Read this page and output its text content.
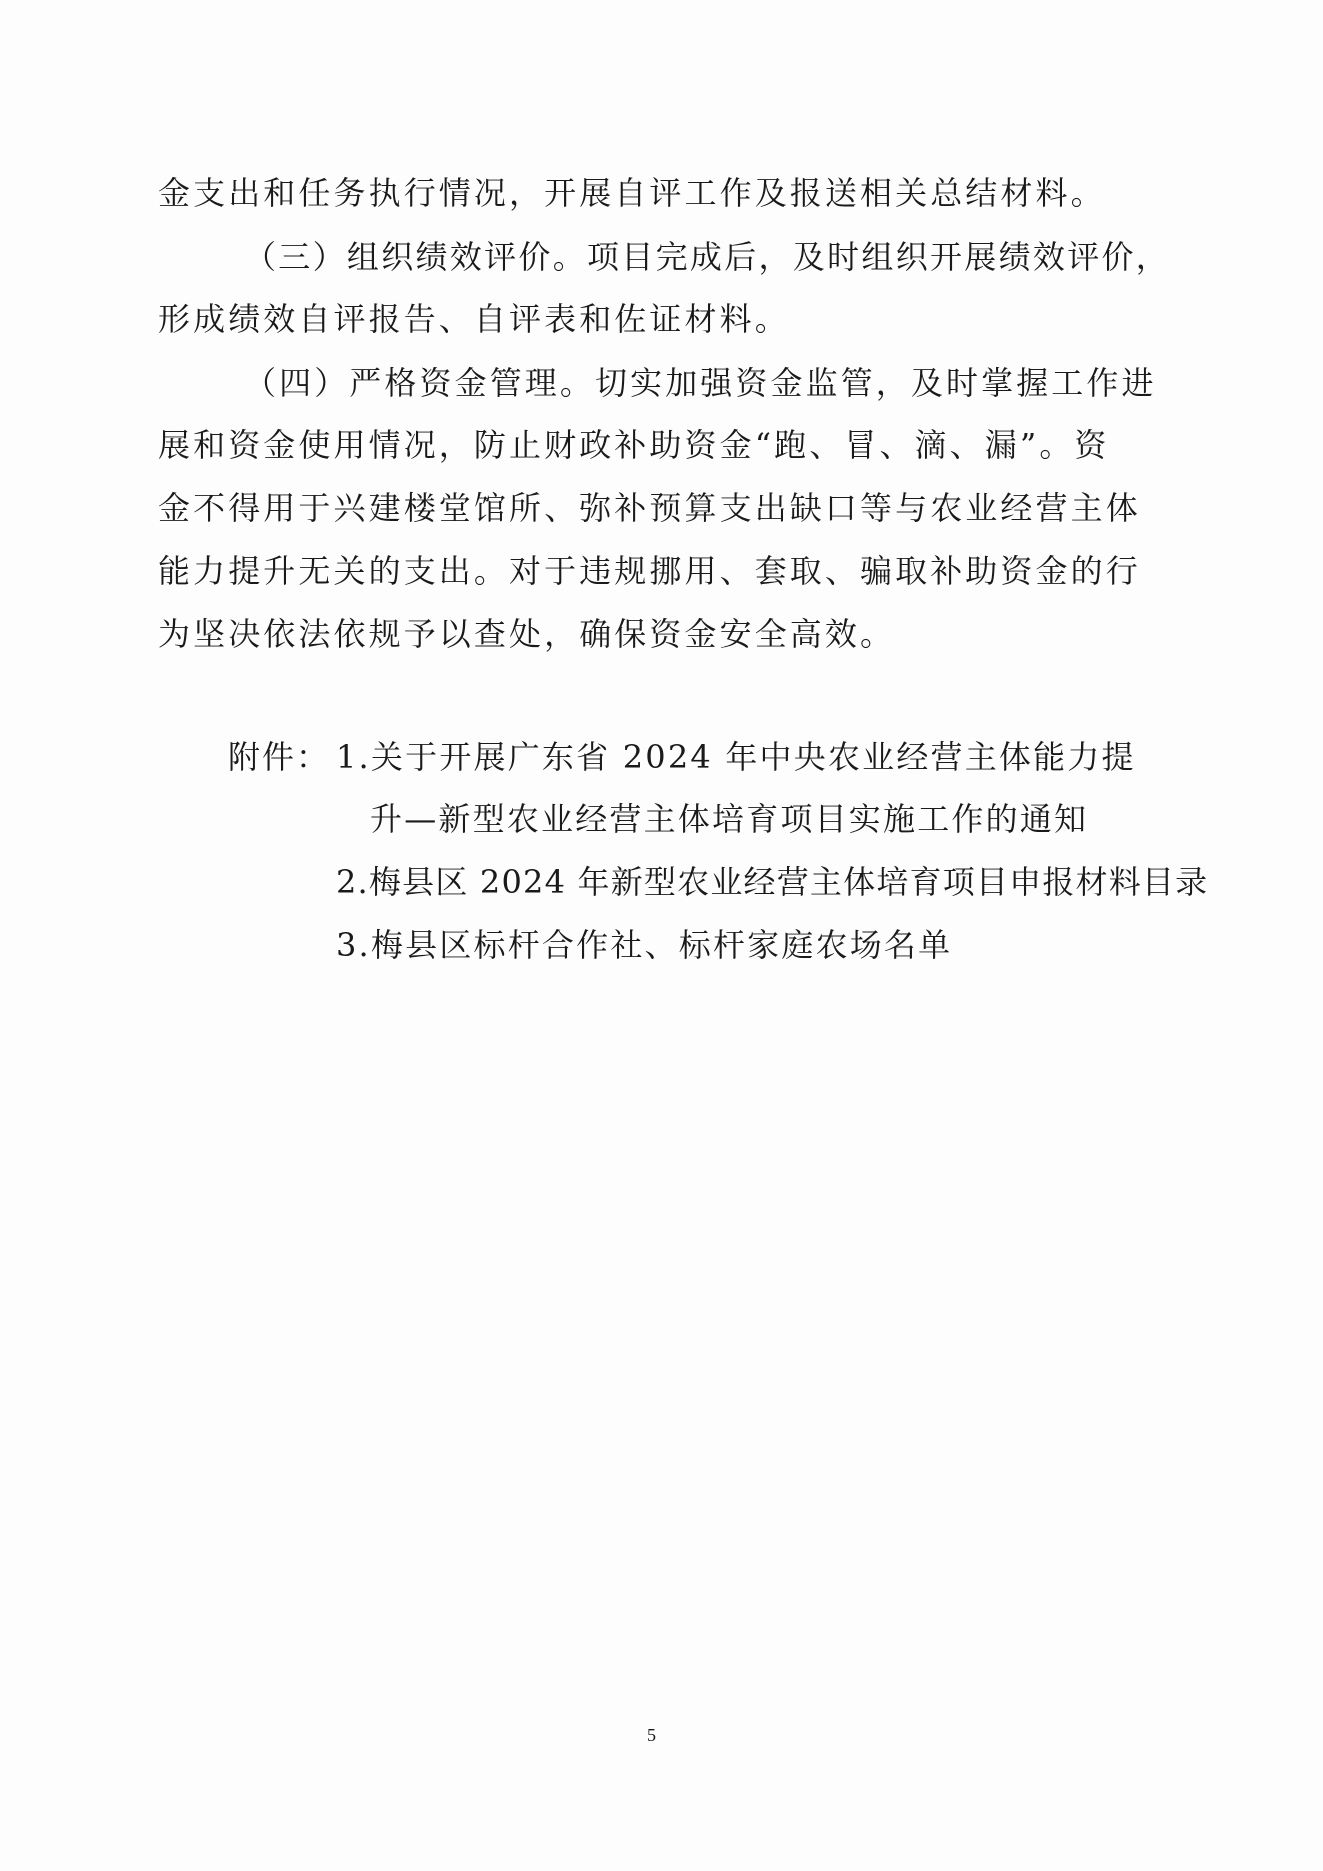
金支出和任务执行情况，开展自评工作及报送相关总结材料。
（三）组织绩效评价。项目完成后，及时组织开展绩效评价，
形成绩效自评报告、自评表和佐证材料。
（四）严格资金管理。切实加强资金监管，及时掌握工作进
展和资金使用情况，防止财政补助资金“跑、冒、滴、漏”。资
金不得用于兴建楼堂馆所、弥补预算支出缺口等与农业经营主体
能力提升无关的支出。对于违规挪用、套取、骗取补助资金的行
为坚决依法依规予以查处，确保资金安全高效。
附件： 1.关于开展广东省 2024 年中央农业经营主体能力提
升—新型农业经营主体培育项目实施工作的通知
2.梅县区 2024 年新型农业经营主体培育项目申报材料目录
3.梅县区标杆合作社、标杆家庭农场名单
5
